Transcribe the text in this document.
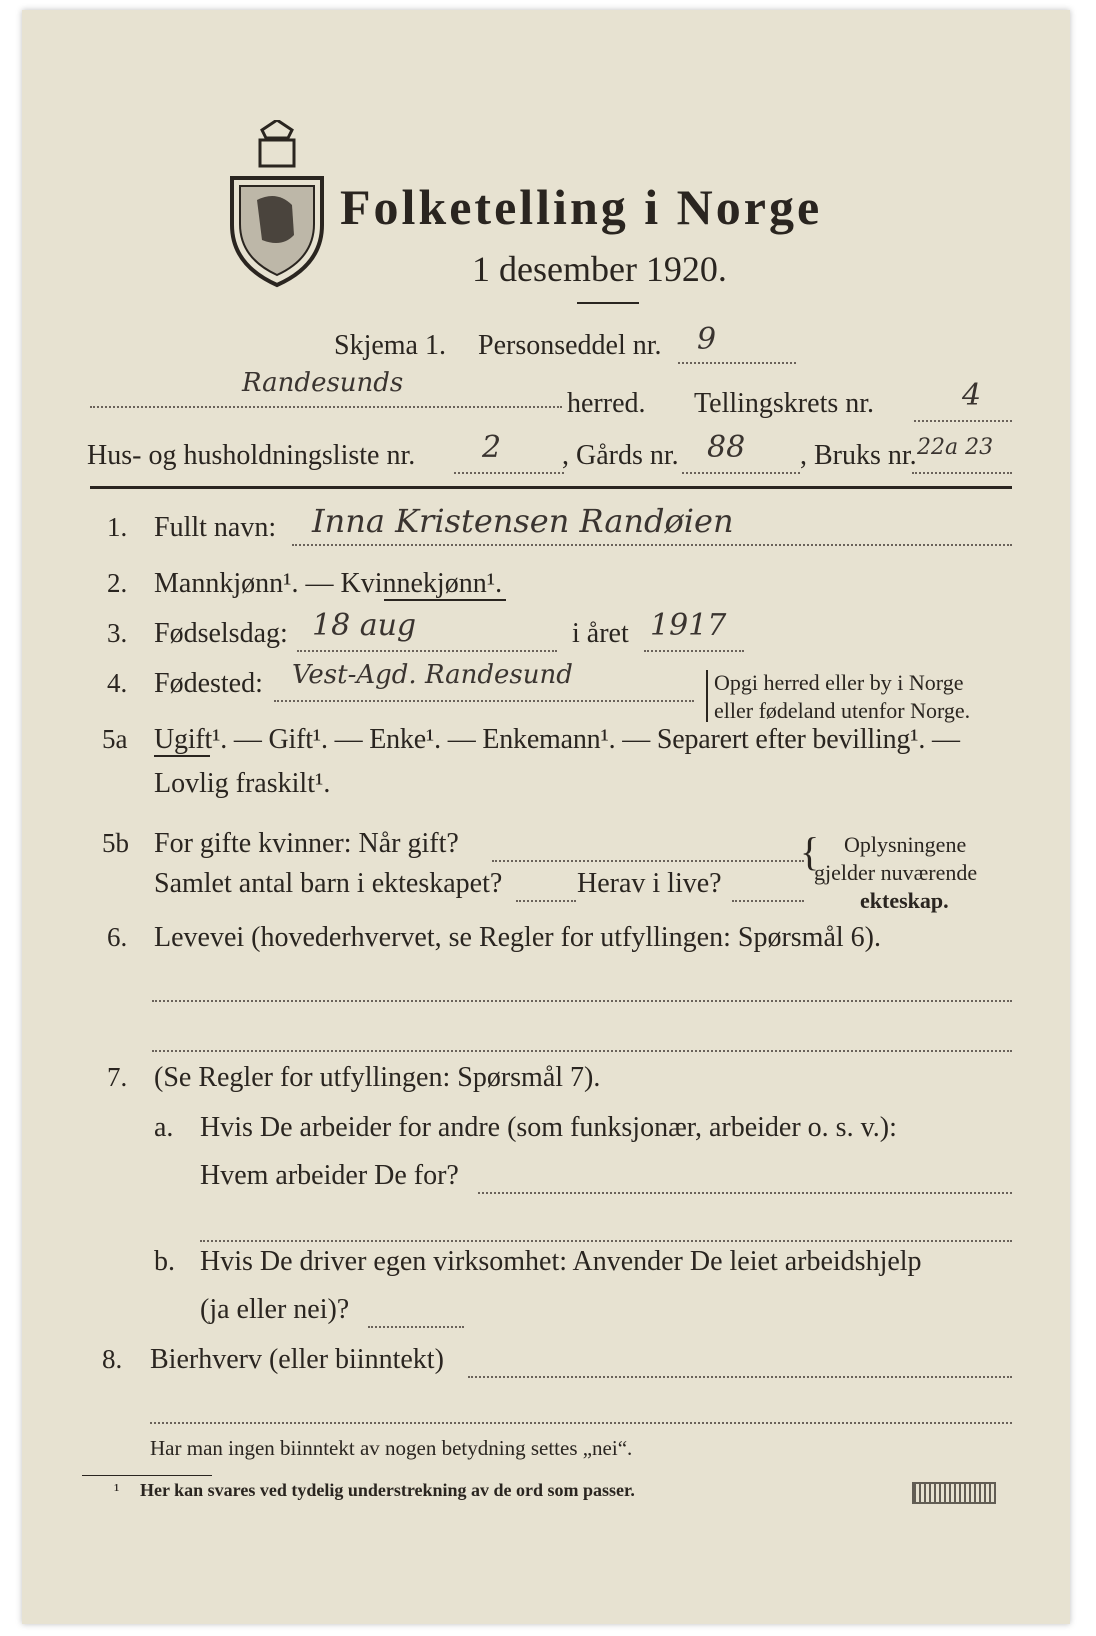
Folketelling i Norge
1 desember 1920.
Skjema 1. Personseddel nr. 9
Randesunds
herred. Tellingskrets nr.	4
Hus- og husholdningsliste nr. 2 , Gårds nr. 88 , Bruks nr. 22a 23
1. Fullt navn: Inna Kristensen Randøien
2. Mannkjønn¹. — Kvinnekjønn¹.
3. Fødselsdag: 18 aug	i året 1917
4. Fødested: Vest-Agd. Randesund	Opgi herred eller by i Norge
eller fødeland utenfor Norge.
5a Ugift¹. — Gift¹. — Enke¹. — Enkemann¹. — Separert efter bevilling¹. —
Lovlig fraskilt¹.
5b For gifte kvinner: Når gift?
Samlet antal barn i ekteskapet?	Herav i live?
{ Oplysningene
gjelder nuværende
ekteskap.
6. Levevei (hovederhvervet, se Regler for utfyllingen: Spørsmål 6).
7. (Se Regler for utfyllingen: Spørsmål 7).
a. Hvis De arbeider for andre (som funksjonær, arbeider o. s. v.):
Hvem arbeider De for?
b. Hvis De driver egen virksomhet: Anvender De leiet arbeidshjelp
(ja eller nei)?
8. Bierhverv (eller biinntekt)
Har man ingen biinntekt av nogen betydning settes „nei“.
¹ Her kan svares ved tydelig understrekning av de ord som passer.
